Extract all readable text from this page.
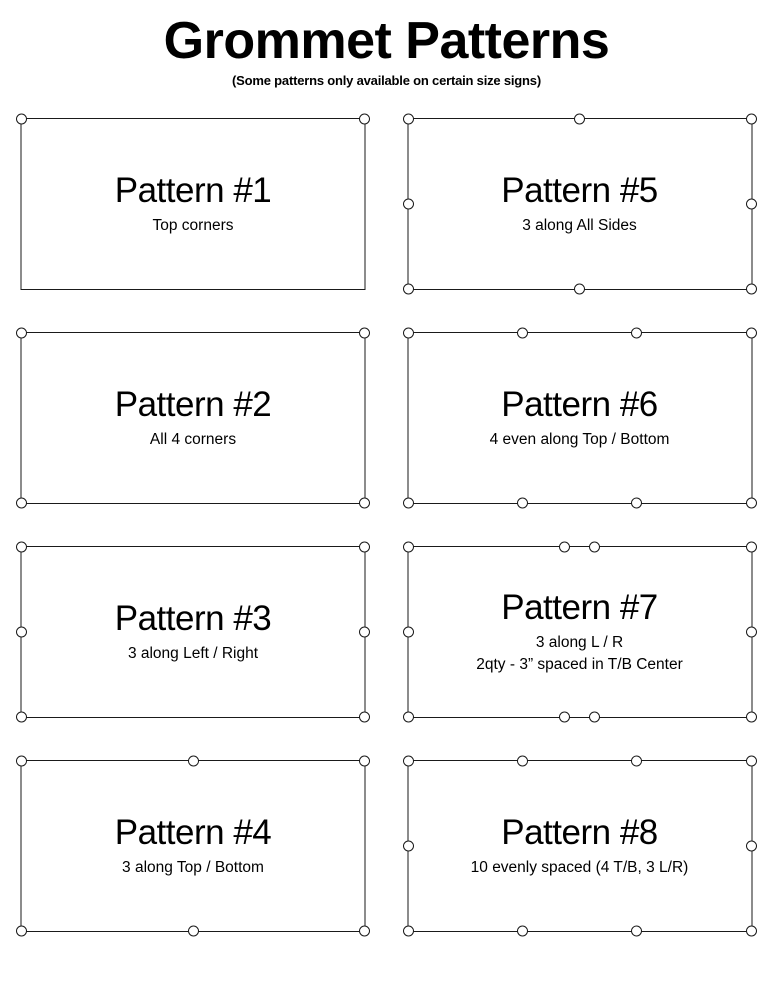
Grommet Patterns
(Some patterns only available on certain size signs)
Pattern #1
Top corners
Pattern #5
3 along All Sides
Pattern #2
All 4 corners
Pattern #6
4 even along Top / Bottom
Pattern #3
3 along Left / Right
Pattern #7
3 along L / R
2qty - 3” spaced in T/B Center
Pattern #4
3 along Top / Bottom
Pattern #8
10 evenly spaced (4 T/B, 3 L/R)
